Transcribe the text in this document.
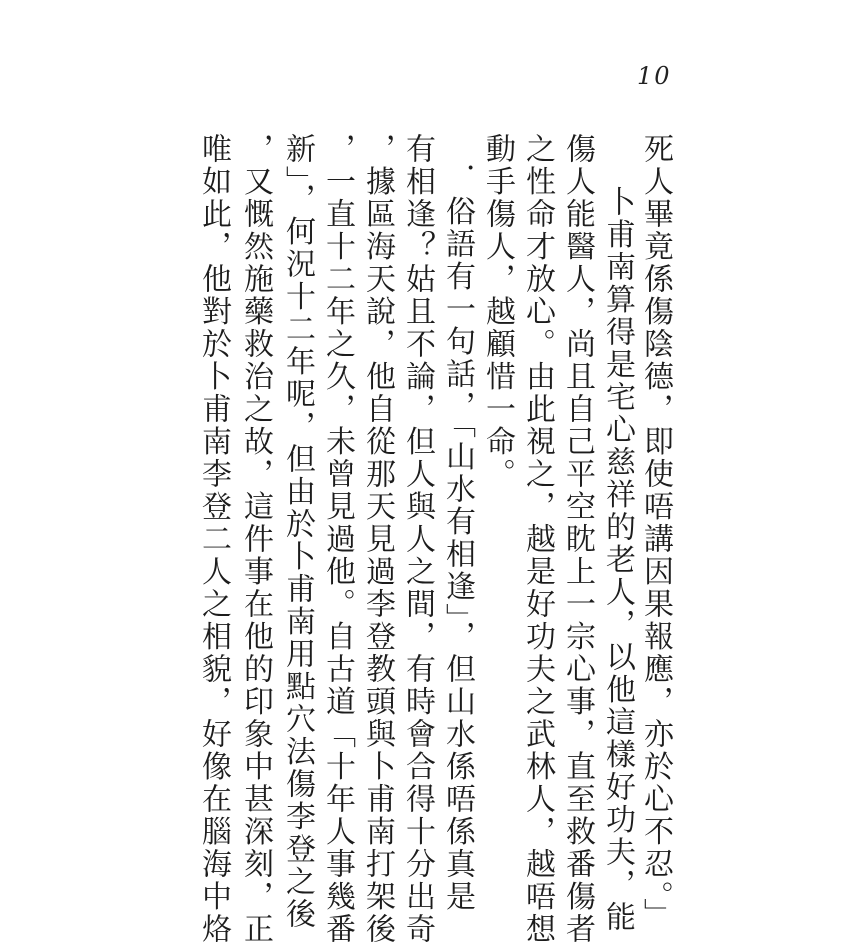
10
死人畢竟係傷陰德，即使唔講因果報應，亦於心不忍。」
卜甫南算得是宅心慈祥的老人，以他這樣好功夫，能
傷人能醫人，尚且自己平空眈上一宗心事，直至救番傷者
之性命才放心。由此視之，越是好功夫之武林人，越唔想
動手傷人，越顧惜一命。
．俗語有一句話，「山水有相逢」，但山水係唔係真是
有相逢？姑且不論，但人與人之間，有時會合得十分出奇
，據區海天說，他自從那天見過李登教頭與卜甫南打架後
，一直十二年之久，未曾見過他。自古道「十年人事幾番
新」，何況十二年呢，但由於卜甫南用點穴法傷李登之後
，又慨然施藥救治之故，這件事在他的印象中甚深刻，正
唯如此，他對於卜甫南李登二人之相貌，好像在腦海中烙
